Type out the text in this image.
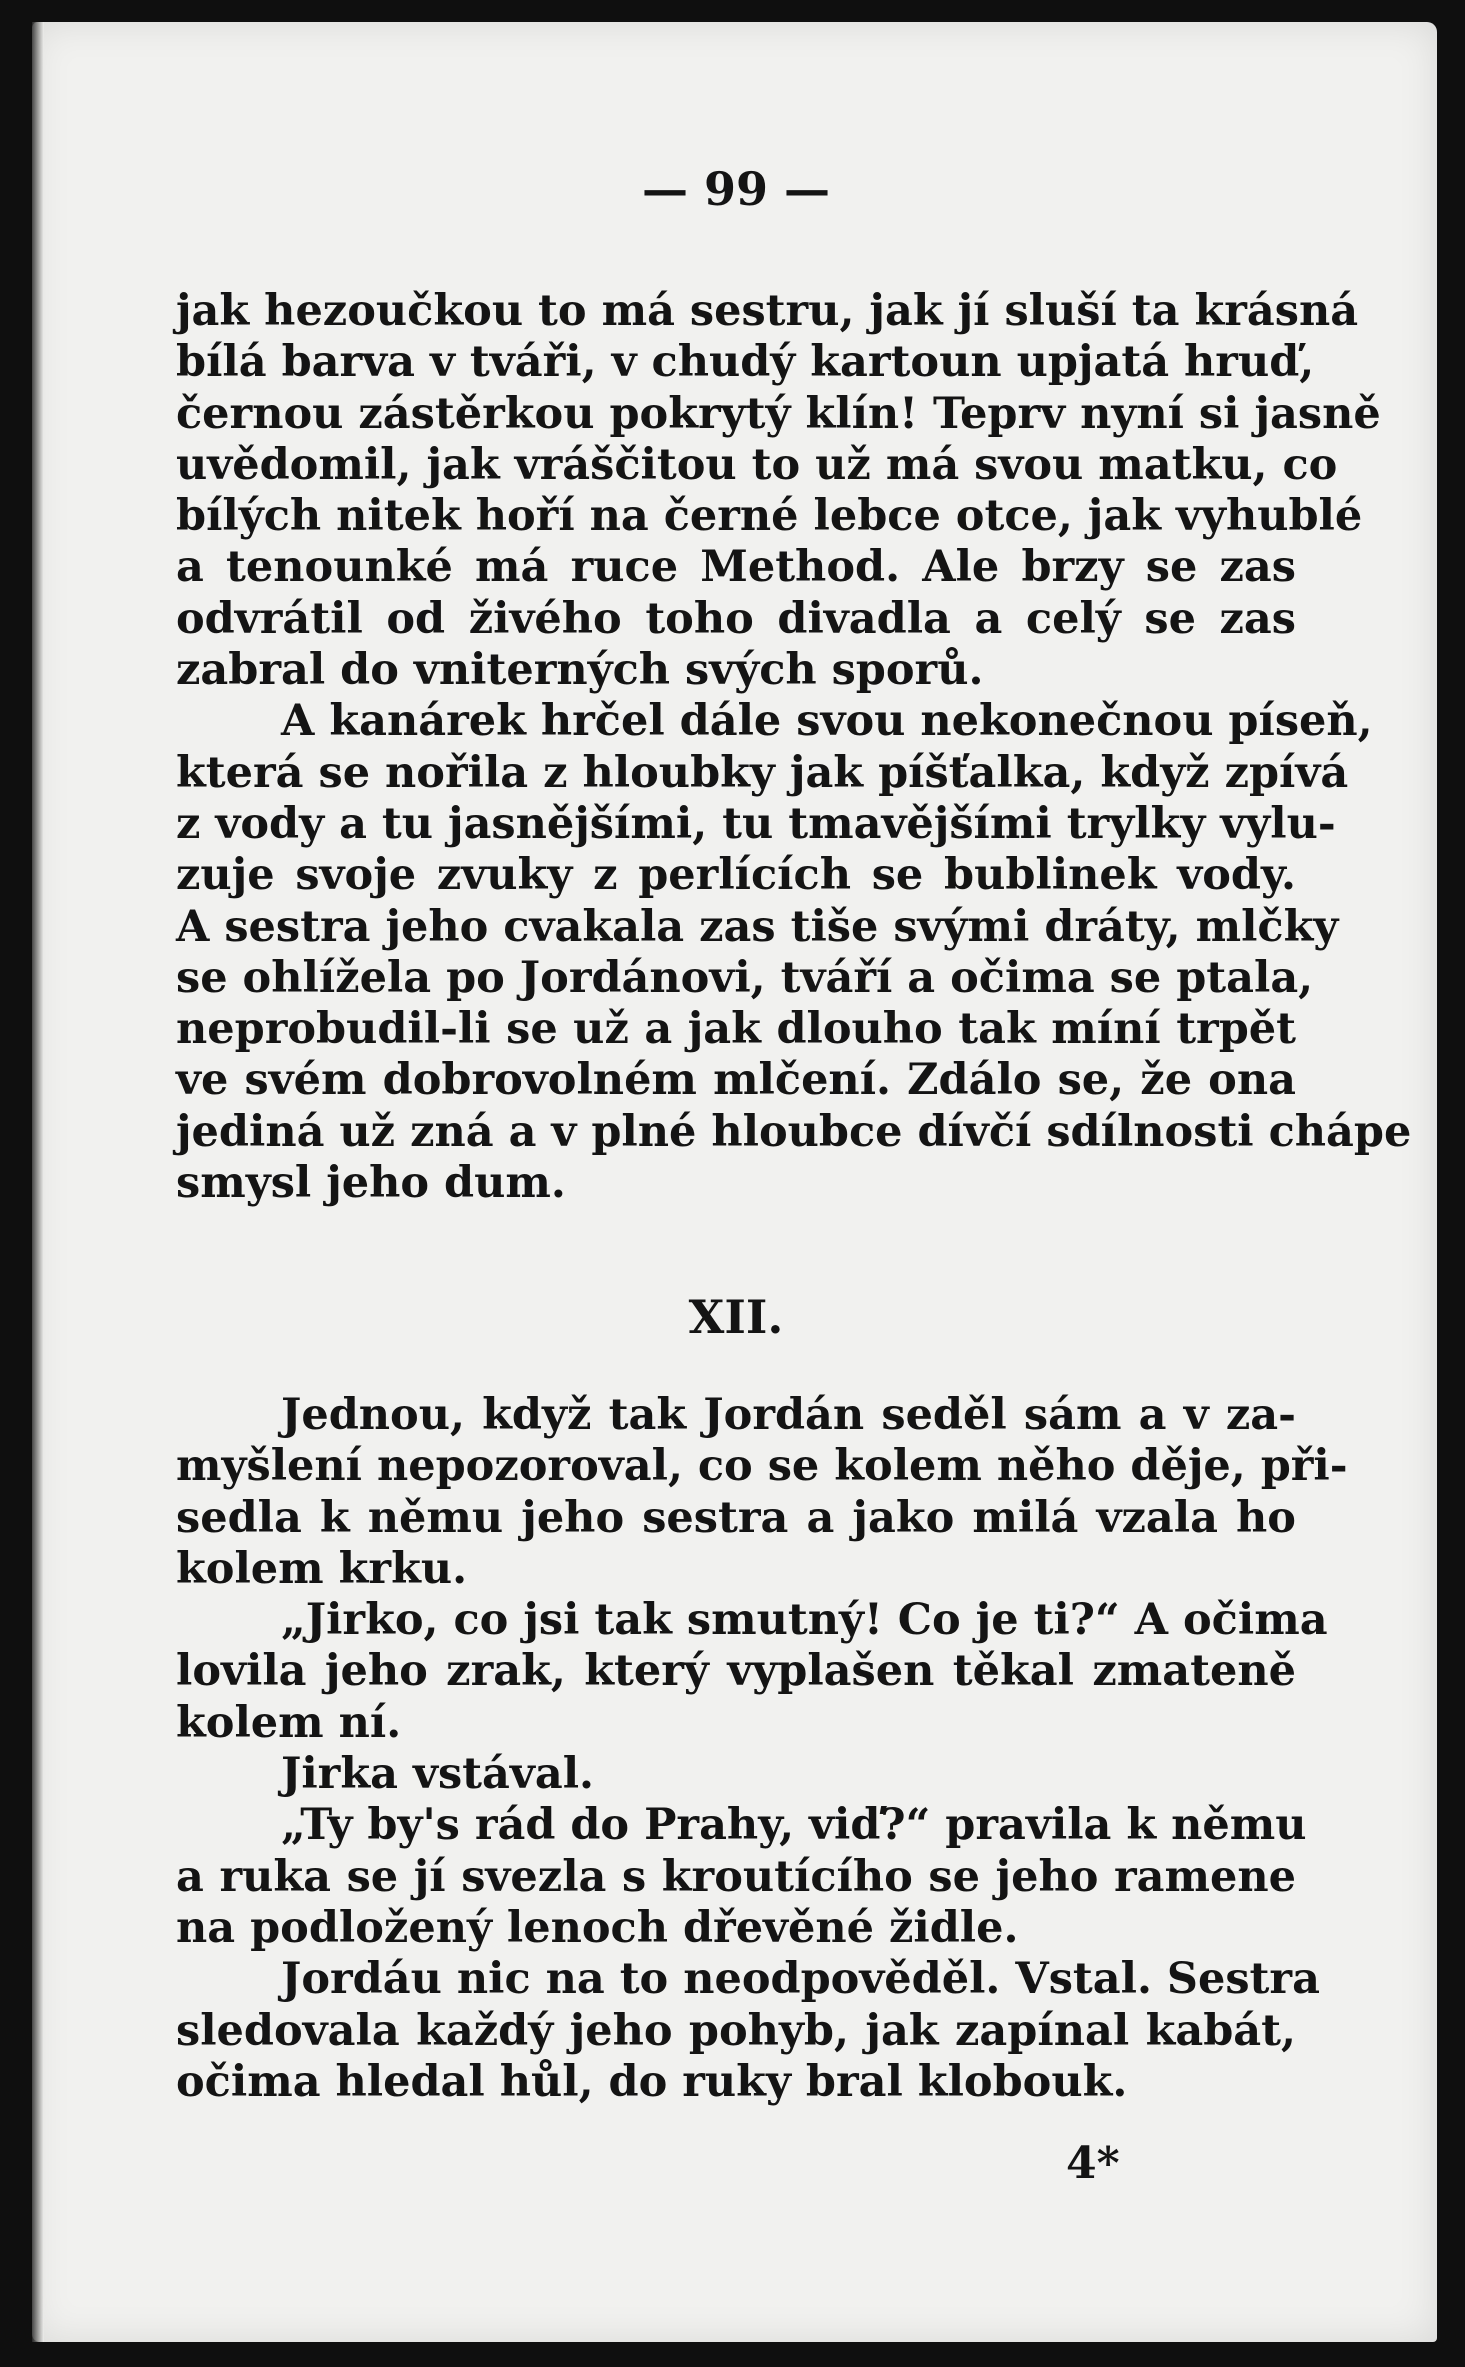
— 99 —
jak hezoučkou to má sestru, jak jí sluší ta krásná
bílá barva v tváři, v chudý kartoun upjatá hruď,
černou zástěrkou pokrytý klín! Teprv nyní si jasně
uvědomil, jak vráščitou to už má svou matku, co
bílých nitek hoří na černé lebce otce, jak vyhublé
a tenounké má ruce Method. Ale brzy se zas
odvrátil od živého toho divadla a celý se zas
zabral do vniterných svých sporů.
A kanárek hrčel dále svou nekonečnou píseň,
která se nořila z hloubky jak píšťalka, když zpívá
z vody a tu jasnějšími, tu tmavějšími trylky vylu-
zuje svoje zvuky z perlících se bublinek vody.
A sestra jeho cvakala zas tiše svými dráty, mlčky
se ohlížela po Jordánovi, tváří a očima se ptala,
neprobudil-li se už a jak dlouho tak míní trpět
ve svém dobrovolném mlčení. Zdálo se, že ona
jediná už zná a v plné hloubce dívčí sdílnosti chápe
smysl jeho dum.
XII.
Jednou, když tak Jordán seděl sám a v za-
myšlení nepozoroval, co se kolem něho děje, při-
sedla k němu jeho sestra a jako milá vzala ho
kolem krku.
„Jirko, co jsi tak smutný! Co je ti?“ A očima
lovila jeho zrak, který vyplašen těkal zmateně
kolem ní.
Jirka vstával.
„Ty by's rád do Prahy, viď?“ pravila k němu
a ruka se jí svezla s kroutícího se jeho ramene
na podložený lenoch dřevěné židle.
Jordáu nic na to neodpověděl. Vstal. Sestra
sledovala každý jeho pohyb, jak zapínal kabát,
očima hledal hůl, do ruky bral klobouk.
4*
